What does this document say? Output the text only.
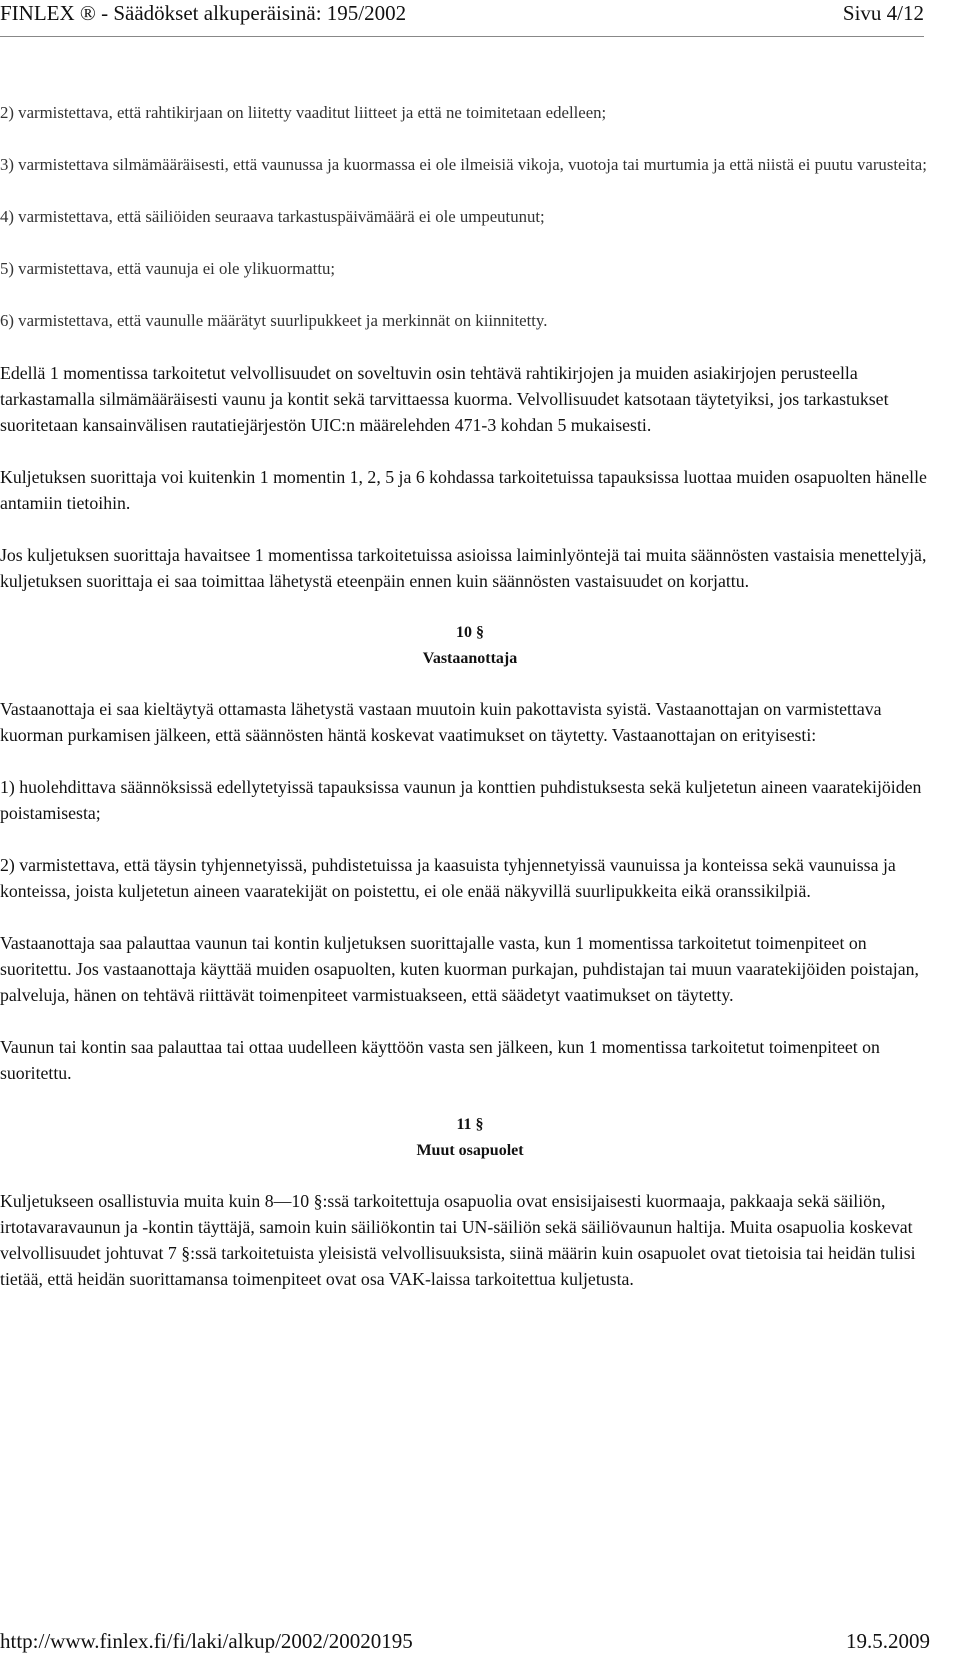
FINLEX ® - Säädökset alkuperäisinä: 195/2002	Sivu 4/12

2) varmistettava, että rahtikirjaan on liitetty vaaditut liitteet ja että ne toimitetaan edelleen;

3) varmistettava silmämääräisesti, että vaunussa ja kuormassa ei ole ilmeisiä vikoja, vuotoja tai murtumia ja että niistä ei puutu varusteita;

4) varmistettava, että säiliöiden seuraava tarkastuspäivämäärä ei ole umpeutunut;

5) varmistettava, että vaunuja ei ole ylikuormattu;

6) varmistettava, että vaunulle määrätyt suurlipukkeet ja merkinnät on kiinnitetty.

Edellä 1 momentissa tarkoitetut velvollisuudet on soveltuvin osin tehtävä rahtikirjojen ja muiden asiakirjojen perusteella tarkastamalla silmämääräisesti vaunu ja kontit sekä tarvittaessa kuorma. Velvollisuudet katsotaan täytetyiksi, jos tarkastukset suoritetaan kansainvälisen rautatiejärjestön UIC:n määrelehden 471-3 kohdan 5 mukaisesti.

Kuljetuksen suorittaja voi kuitenkin 1 momentin 1, 2, 5 ja 6 kohdassa tarkoitetuissa tapauksissa luottaa muiden osapuolten hänelle antamiin tietoihin.

Jos kuljetuksen suorittaja havaitsee 1 momentissa tarkoitetuissa asioissa laiminlyöntejä tai muita säännösten vastaisia menettelyjä, kuljetuksen suorittaja ei saa toimittaa lähetystä eteenpäin ennen kuin säännösten vastaisuudet on korjattu.

10 §
Vastaanottaja

Vastaanottaja ei saa kieltäytyä ottamasta lähetystä vastaan muutoin kuin pakottavista syistä. Vastaanottajan on varmistettava kuorman purkamisen jälkeen, että säännösten häntä koskevat vaatimukset on täytetty. Vastaanottajan on erityisesti:

1) huolehdittava säännöksissä edellytetyissä tapauksissa vaunun ja konttien puhdistuksesta sekä kuljetetun aineen vaaratekijöiden poistamisesta;

2) varmistettava, että täysin tyhjennetyissä, puhdistetuissa ja kaasuista tyhjennetyissä vaunuissa ja konteissa sekä vaunuissa ja konteissa, joista kuljetetun aineen vaaratekijät on poistettu, ei ole enää näkyvillä suurlipukkeita eikä oranssikilpiä.

Vastaanottaja saa palauttaa vaunun tai kontin kuljetuksen suorittajalle vasta, kun 1 momentissa tarkoitetut toimenpiteet on suoritettu. Jos vastaanottaja käyttää muiden osapuolten, kuten kuorman purkajan, puhdistajan tai muun vaaratekijöiden poistajan, palveluja, hänen on tehtävä riittävät toimenpiteet varmistuakseen, että säädetyt vaatimukset on täytetty.

Vaunun tai kontin saa palauttaa tai ottaa uudelleen käyttöön vasta sen jälkeen, kun 1 momentissa tarkoitetut toimenpiteet on suoritettu.

11 §
Muut osapuolet

Kuljetukseen osallistuvia muita kuin 8—10 §:ssä tarkoitettuja osapuolia ovat ensisijaisesti kuormaaja, pakkaaja sekä säiliön, irtotavaravaunun ja -kontin täyttäjä, samoin kuin säiliökontin tai UN-säiliön sekä säiliövaunun haltija. Muita osapuolia koskevat velvollisuudet johtuvat 7 §:ssä tarkoitetuista yleisistä velvollisuuksista, siinä määrin kuin osapuolet ovat tietoisia tai heidän tulisi tietää, että heidän suorittamansa toimenpiteet ovat osa VAK-laissa tarkoitettua kuljetusta.

http://www.finlex.fi/fi/laki/alkup/2002/20020195	19.5.2009
